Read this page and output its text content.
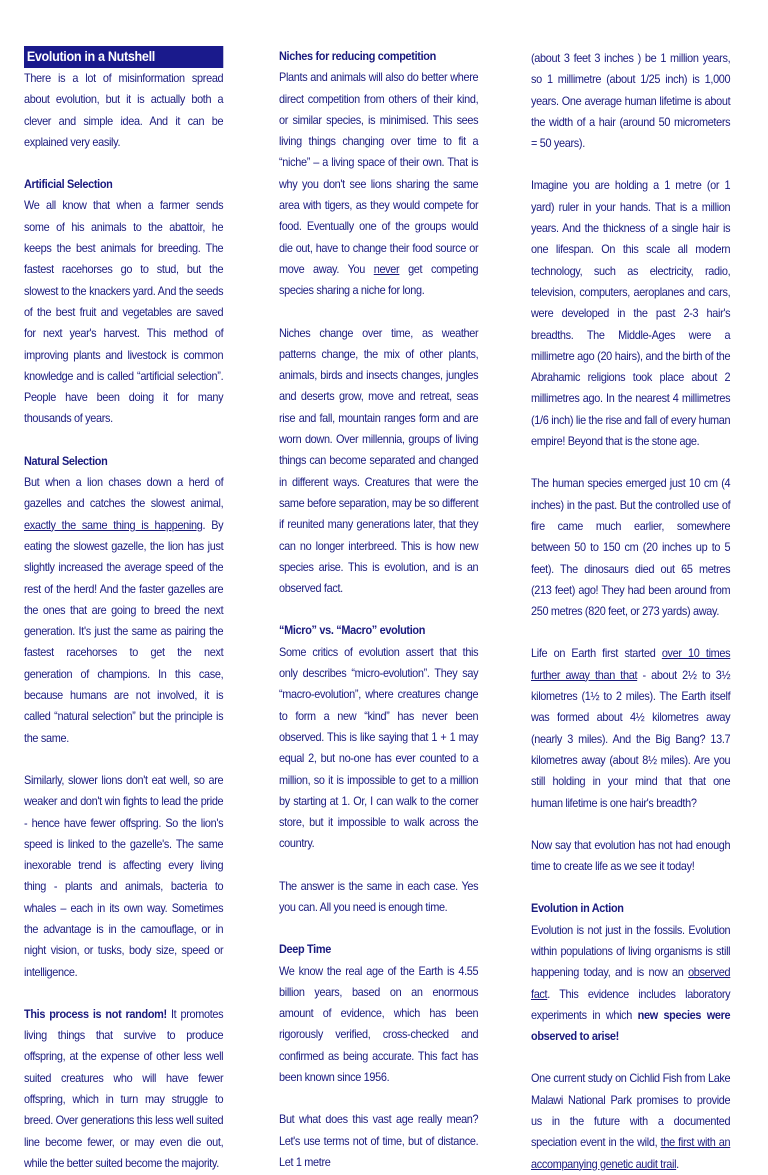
Evolution in a Nutshell

There is a lot of misinformation spread about evolution, but it is actually both a clever and simple idea. And it can be explained very easily.

Artificial Selection

We all know that when a farmer sends some of his animals to the abattoir, he keeps the best animals for breeding. The fastest racehorses go to stud, but the slowest to the knackers yard. And the seeds of the best fruit and vegetables are saved for next year's harvest. This method of improving plants and livestock is common knowledge and is called “artificial selection”. People have been doing it for many thousands of years.

Natural Selection

But when a lion chases down a herd of gazelles and catches the slowest animal, exactly the same thing is happening. By eating the slowest gazelle, the lion has just slightly increased the average speed of the rest of the herd! And the faster gazelles are the ones that are going to breed the next generation. It's just the same as pairing the fastest racehorses to get the next generation of champions. In this case, because humans are not involved, it is called “natural selection” but the principle is the same.

Similarly, slower lions don't eat well, so are weaker and don't win fights to lead the pride - hence have fewer offspring. So the lion's speed is linked to the gazelle's. The same inexorable trend is affecting every living thing - plants and animals, bacteria to whales – each in its own way. Sometimes the advantage is in the camouflage, or in night vision, or tusks, body size, speed or intelligence.

This process is not random! It promotes living things that survive to produce offspring, at the expense of other less well suited creatures who will have fewer offspring, which in turn may struggle to breed. Over generations this less well suited line become fewer, or may even die out, while the better suited become the majority.

Niches for reducing competition

Plants and animals will also do better where direct competition from others of their kind, or similar species, is minimised. This sees living things changing over time to fit a “niche” – a living space of their own. That is why you don't see lions sharing the same area with tigers, as they would compete for food. Eventually one of the groups would die out, have to change their food source or move away. You never get competing species sharing a niche for long.

Niches change over time, as weather patterns change, the mix of other plants, animals, birds and insects changes, jungles and deserts grow, move and retreat, seas rise and fall, mountain ranges form and are worn down. Over millennia, groups of living things can become separated and changed in different ways. Creatures that were the same before separation, may be so different if reunited many generations later, that they can no longer interbreed. This is how new species arise. This is evolution, and is an observed fact.

“Micro” vs. “Macro” evolution

Some critics of evolution assert that this only describes “micro-evolution”. They say “macro-evolution”, where creatures change to form a new “kind” has never been observed. This is like saying that 1 + 1 may equal 2, but no-one has ever counted to a million, so it is impossible to get to a million by starting at 1. Or, I can walk to the corner store, but it impossible to walk across the country.

The answer is the same in each case. Yes you can. All you need is enough time.

Deep Time

We know the real age of the Earth is 4.55 billion years, based on an enormous amount of evidence, which has been rigorously verified, cross-checked and confirmed as being accurate. This fact has been known since 1956.

But what does this vast age really mean? Let's use terms not of time, but of distance. Let 1 metre

(about 3 feet 3 inches ) be 1 million years, so 1 millimetre (about 1/25 inch) is 1,000 years. One average human lifetime is about the width of a hair (around 50 micrometers = 50 years).

Imagine you are holding a 1 metre (or 1 yard) ruler in your hands. That is a million years. And the thickness of a single hair is one lifespan. On this scale all modern technology, such as electricity, radio, television, computers, aeroplanes and cars, were developed in the past 2-3 hair's breadths. The Middle-Ages were a millimetre ago (20 hairs), and the birth of the Abrahamic religions took place about 2 millimetres ago. In the nearest 4 millimetres (1/6 inch) lie the rise and fall of every human empire! Beyond that is the stone age.

The human species emerged just 10 cm (4 inches) in the past. But the controlled use of fire came much earlier, somewhere between 50 to 150 cm (20 inches up to 5 feet). The dinosaurs died out 65 metres (213 feet) ago! They had been around from 250 metres (820 feet, or 273 yards) away.

Life on Earth first started over 10 times further away than that - about 2½ to 3½ kilometres (1½ to 2 miles). The Earth itself was formed about 4½ kilometres away (nearly 3 miles). And the Big Bang? 13.7 kilometres away (about 8½ miles). Are you still holding in your mind that that one human lifetime is one hair's breadth?

Now say that evolution has not had enough time to create life as we see it today!

Evolution in Action

Evolution is not just in the fossils. Evolution within populations of living organisms is still happening today, and is now an observed fact. This evidence includes laboratory experiments in which new species were observed to arise!

One current study on Cichlid Fish from Lake Malawi National Park promises to provide us in the future with a documented speciation event in the wild, the first with an accompanying genetic audit trail.
